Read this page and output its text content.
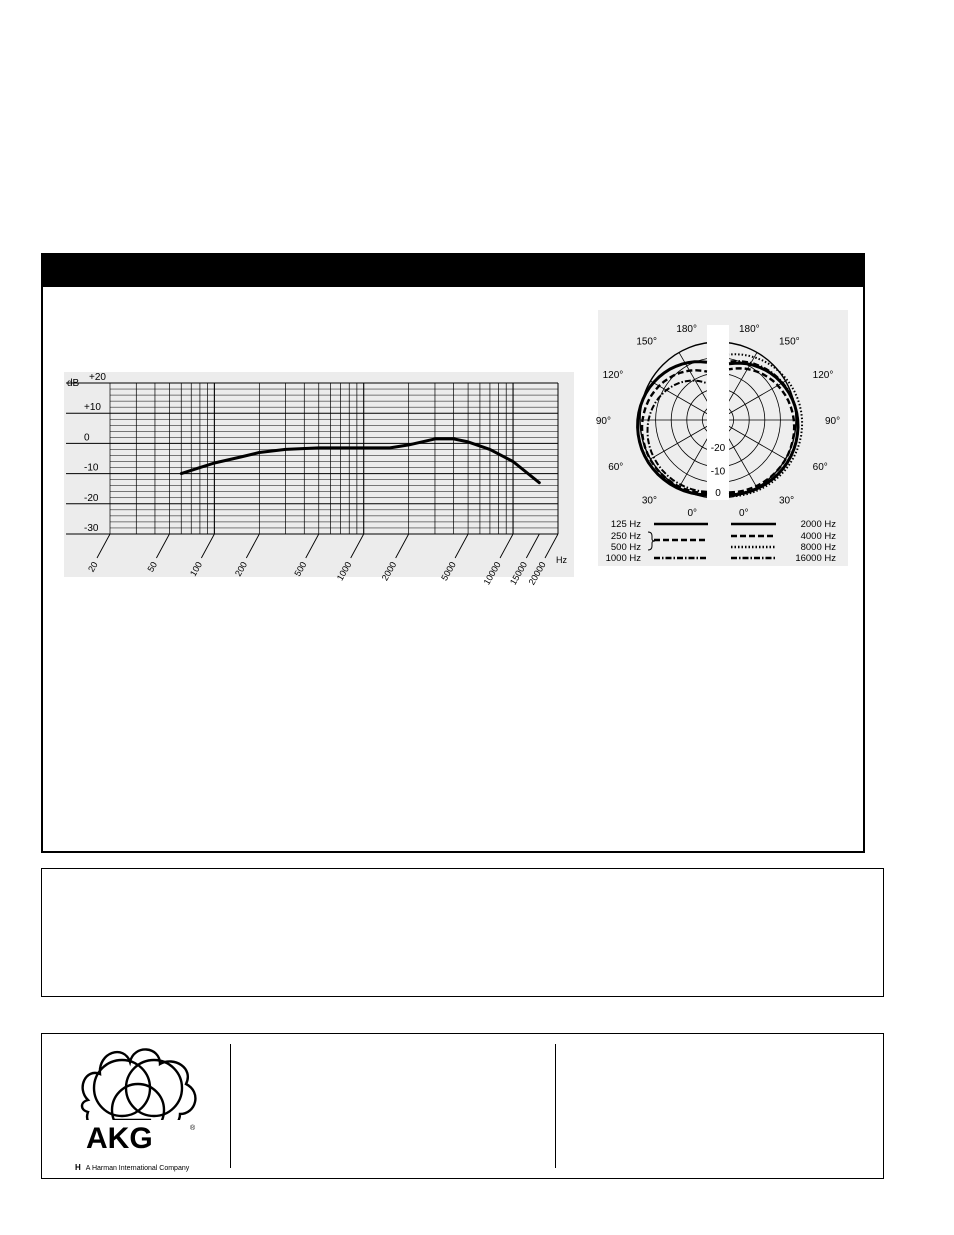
+20
+10
0
-10
-20
-30
20	50	100	200	500	1000	2000	5000	10000 15000
20000
dB
Hz
180°	180°
150°	150°
120°	120°
90°	90°
60°	60°
30°	30°
0°	0°
-20
-10
0
125 Hz
250 Hz
500 Hz
1000 Hz
2000 Hz
4000 Hz
8000 Hz
16000 Hz
AKG	®
H A Harman International Company
